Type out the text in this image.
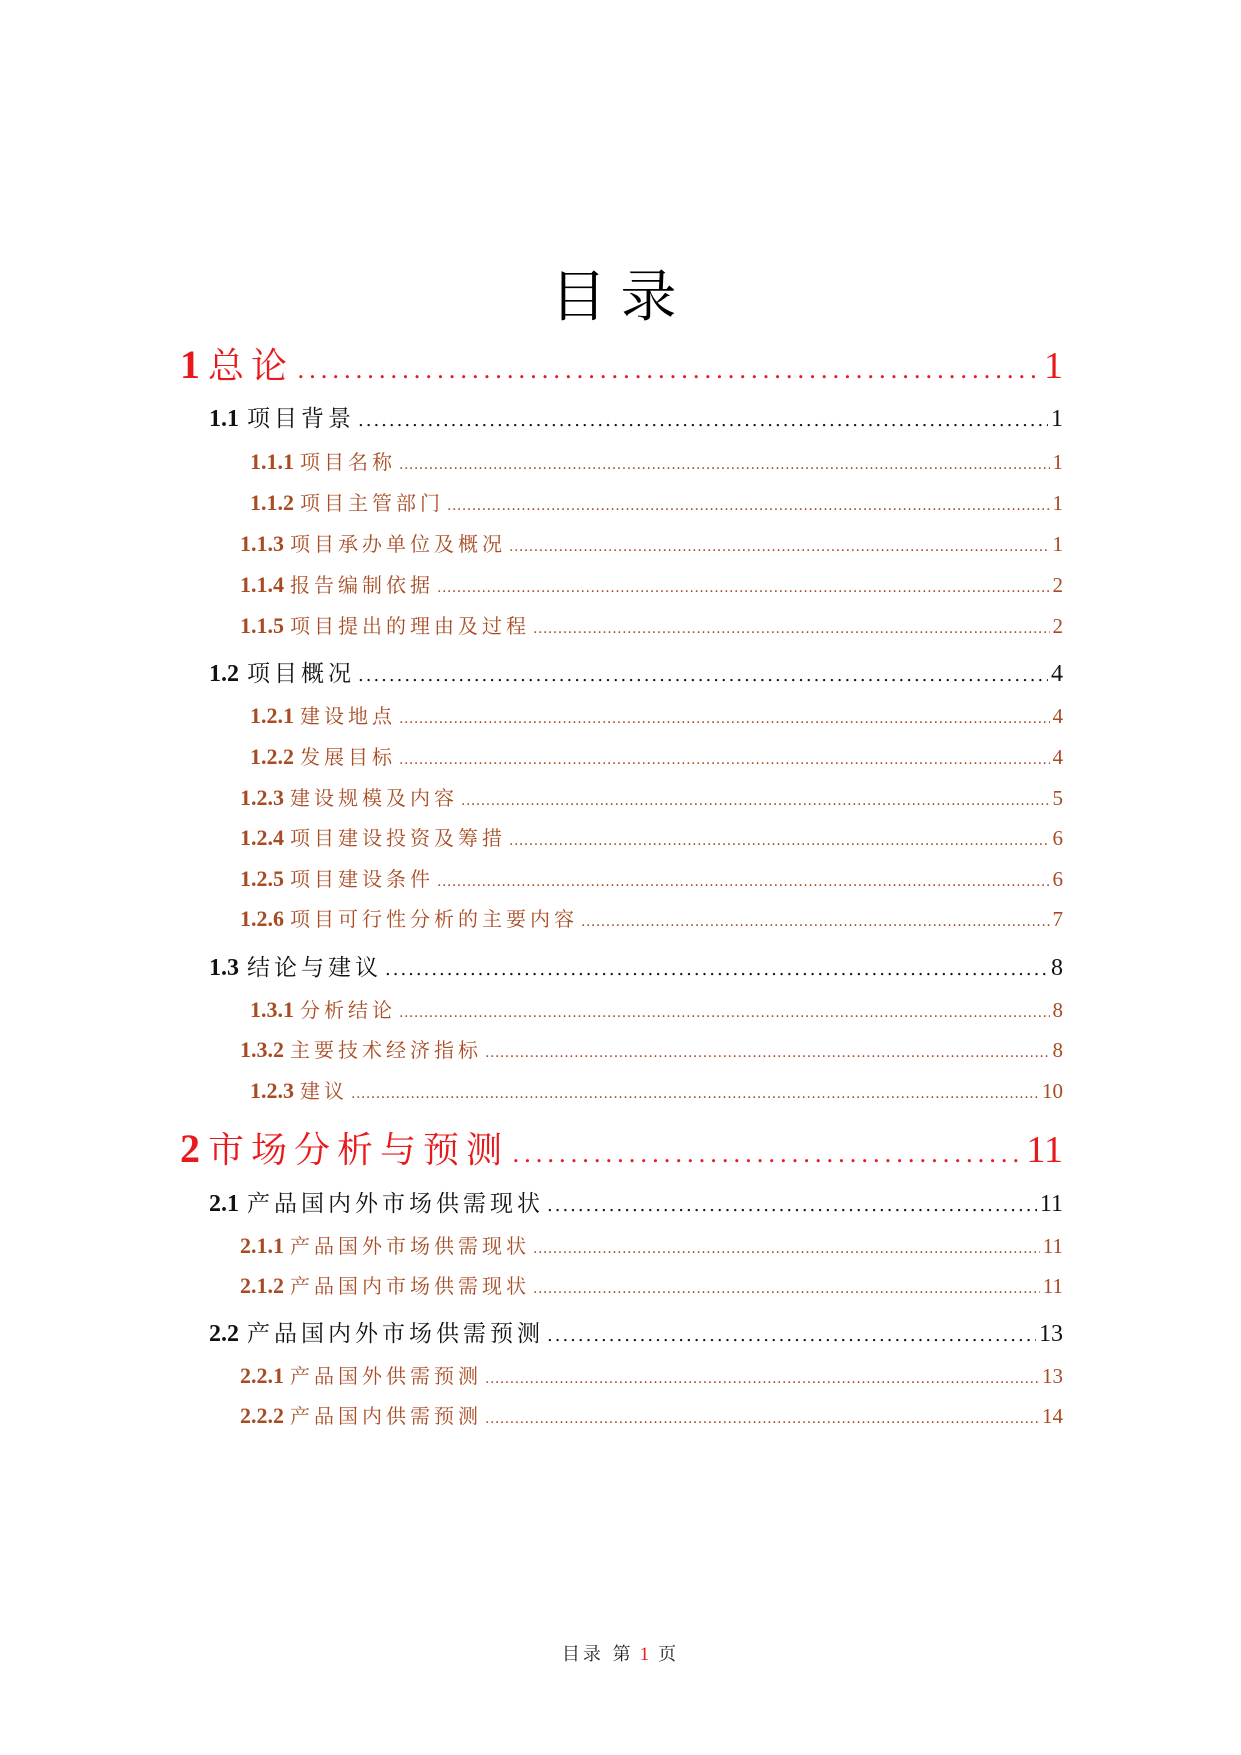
目录
1 总论 .....	1
1.1 项目背景 .....	1
1.1.1 项目名称 .....	1
1.1.2 项目主管部门 .....	1
1.1.3 项目承办单位及概况 .....	1
1.1.4 报告编制依据 .....	2
1.1.5 项目提出的理由及过程 .....	2
1.2 项目概况 .....	4
1.2.1 建设地点 .....	4
1.2.2 发展目标 .....	4
1.2.3 建设规模及内容 .....	5
1.2.4 项目建设投资及筹措 .....	6
1.2.5 项目建设条件 .....	6
1.2.6 项目可行性分析的主要内容 .....	7
1.3 结论与建议 .....	8
1.3.1 分析结论 .....	8
1.3.2 主要技术经济指标 .....	8
1.2.3 建议 .....	10
2 市场分析与预测 .....	11
2.1 产品国内外市场供需现状 .....	11
2.1.1 产品国外市场供需现状 .....	11
2.1.2 产品国内市场供需现状 .....	11
2.2 产品国内外市场供需预测 .....	13
2.2.1 产品国外供需预测 .....	13
2.2.2 产品国内供需预测 .....	14
目录 第 1 页
